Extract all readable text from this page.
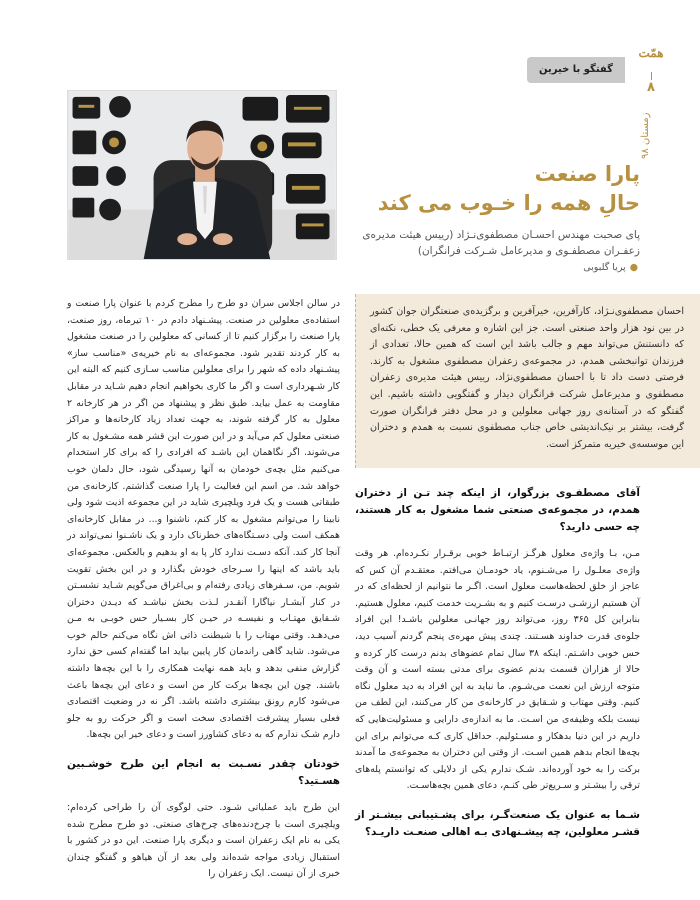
گفتگو با خیرین
همّت
۸
زمستان ۹۸
پارا صنعت

حالِ همه را خـوب می کند
پای صحبت مهندس احسـان مصطفوی‌نـژاد (رییس هیئت مدیره‌ی زعفـران مصطفـوی و مدیرعامل شـرکت فرانگران)
●پریا گلبوبی
احسان مصطفوی‌نـژاد، کارآفرین، خیرآفرین و برگزیده‌ی صنعتگران جوان کشور در بین نود هزار واحد صنعتی است. جز این اشاره و معرفی یک خطی، نکته‌ای که دانستنش می‌تواند مهم و جالب باشد این است که همین حالا، تعدادی از فرزندان توانبخشی همدم، در مجموعه‌ی زعفران مصطفوی مشغول به کارند. فرصتی دست داد تا با احسان مصطفوی‌نژاد، رییس هیئت مدیره‌ی زعفران مصطفوی و مدیرعامل شرکت فرانگران دیدار و گفتگویی داشته باشیم. این گفتگو که در آستانه‌ی روز جهانی معلولین و در محل دفتر فرانگران صورت گرفت، بیشتر بر نیک‌اندیشی خاص جناب مصطفوی نسبت به همدم و دختران این موسسه‌ی خیریه متمرکز است.
آقای مصطفـوی بزرگوار، از اینکه چند تـن از دختران همدم، در مجموعه‌ی صنعتی شما مشغول به کار هستند، چه حسی دارید؟

مـن، بـا واژه‌ی معلول هرگـز ارتبـاط خوبی برقـرار نکـرده‌ام. هر وقت واژه‌ی معلـول را می‌شـنوم، یاد خودمـان می‌افتم. معتقـدم آن کس که عاجز از خلق لحظه‌هاست معلول است. اگـر ما نتوانیم از لحظه‌ای که در آن هستیم ارزشـی درسـت کنیم و به بشـریت خدمت کنیم، معلول هستیم. بنابراین کل ۳۶۵ روز، می‌تواند روز جهانـی معلولین باشـد! این افراد جلوه‌ی قدرت خداوند هسـتند. چندی پیش مهره‌ی پنجم گردنم آسیب دید، حس خوبی داشـتم. اینکه ۳۸ سال تمام عضوهای بدنم درست کار کرده و حالا از هزاران قسمت بدنم عضوی برای مدتی بسته است و آن وقت متوجه ارزش این نعمت می‌شـوم. ما نباید به این افراد به دید معلول نگاه کنیم. وقتی مهتاب و شـقایق در کارخانه‌ی من کار می‌کنند، این لطف من نیست بلکه وظیفه‌ی من اسـت. ما به اندازه‌ی دارایی و مسئولیت‌هایی که داریم در این دنیا بدهکار و مسـئولیم. حداقل کاری کـه می‌توانم برای این بچه‌ها انجام بدهم همین اسـت. از وقتی این دختران به مجموعه‌ی ما آمدند برکت را به خود آورده‌اند. شـک ندارم یکی از دلایلی که توانستم پله‌های ترقی را بیشـتر و سـریع‌تر طی کنـم، دعای همین بچه‌هاسـت.

شـما به عنوان یک صنعت‌گـر، برای پشـتیبانی بیشـتر از قشـر معلولین، چه پیشـنهادی بـه اهالی صنعـت داریـد؟

در سالن اجلاس سران دو طرح را مطرح کردم با عنوان پارا صنعت و استفاده‌ی معلولین در صنعت. پیشـنهاد دادم در ۱۰ تیرماه، روز صنعت، پارا صنعت را برگزار کنیم تا از کسانی که معلولین را در صنعت مشغول به کار کردند تقدیر شود. مجموعه‌ای به نام خیریه‌ی «مناسب ساز» پیشـنهاد داده که شهر را برای معلولین مناسب سـازی کنیم که البته این کار شـهرداری است و اگر ما کاری بخواهیم انجام دهیم شـاید در مقابل مقاومت به عمل بیاید. طبق نظر و پیشنهاد من اگر در هر کارخانه ۲ معلول به کار گرفته شوند، به جهت تعداد زیاد کارخانه‌ها و مراکز صنعتی معلول کم می‌آید و در این صورت این قشر همه مشـغول به کار می‌شوند. اگر نگاهمان این باشـد که افرادی را که برای کار استخدام می‌کنیم مثل بچه‌ی خودمان به آنها رسیدگی شود، حال دلمان خوب خواهد شد. من اسم این فعالیت را پارا صنعت گذاشتم. کارخانه‌ی من طبقاتی هست و یک فرد ویلچیری شاید در این مجموعه اذیت شود ولی نابینا را می‌توانم مشغول به کار کنم، ناشنوا و... در مقابل کارخانه‌ای همکف است ولی دسـتگاه‌های خطرناک دارد و یک ناشـنوا نمی‌تواند در آنجا کار کند. آنکه دسـت ندارد کار پا به او بدهیم و بالعکس. مجموعه‌ای باید باشد که اینها را سـرجای خودش بگذارد و در این بخش تقویت شویم. من، سـفرهای زیادی رفته‌ام و بی‌اغراق می‌گویم شـاید نشسـتن در کنار آبشـار نیاگارا آنقـدر لـذت بخش نباشـد که دیـدن دختران شـقایق مهتـاب و نفیسـه در حیـن کار بسـیار حس خوبـی به مـن می‌دهـد. وقتی مهتاب را با شیطنت ذاتی اش نگاه می‌کنم حالم خوب می‌شود. شاید گاهی راندمان کار پایین بیاید اما گفته‌ام کسی حق ندارد گزارش منفی بدهد و باید همه نهایت همکاری را با این بچه‌ها داشته باشند. چون این بچه‌ها برکت کار من است و دعای این بچه‌ها باعث می‌شود کارم رونق بیشتری داشته باشد. اگر نه در وضعیت اقتصادی فعلی بسیار پیشرفت اقتصادی سخت است و اگر حرکت رو به جلو دارم شـک ندارم که به دعای کشاورز است و دعای خیر این بچه‌ها.

خودتان چقدر نسـبت به انجام این طرح خوشـبین هسـتید؟

این طرح باید عملیاتی شـود. حتی لوگوی آن را طراحی کرده‌ام: ویلچیری است با چرخ‌دنده‌های چرخ‌های صنعتی. دو طرح مطرح شده یکی به نام ایک زعفران است و دیگری پارا صنعت. این دو در کشور با استقبال زیادی مواجه شده‌اند ولی بعد از آن هیاهو و گفتگو چندان خبری از آن نیست. ایک زعفران را
